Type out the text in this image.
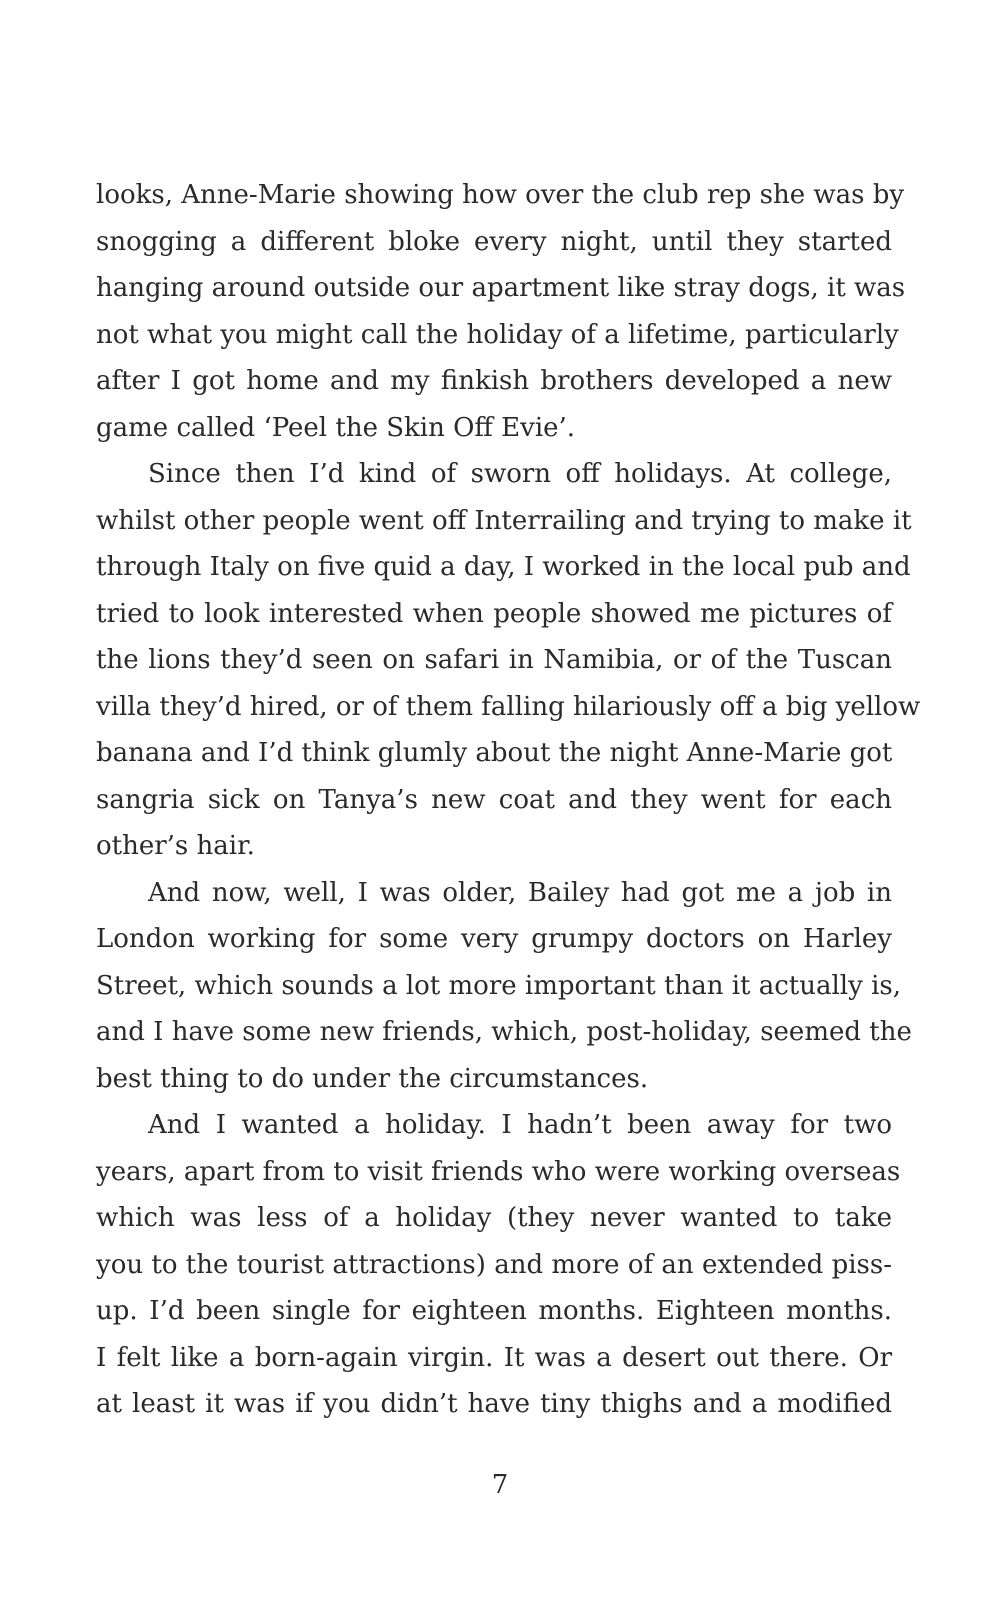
looks, Anne-Marie showing how over the club rep she was by
snogging a different bloke every night, until they started
hanging around outside our apartment like stray dogs, it was
not what you might call the holiday of a lifetime, particularly
after I got home and my finkish brothers developed a new
game called ‘Peel the Skin Off Evie’.
Since then I’d kind of sworn off holidays. At college,
whilst other people went off Interrailing and trying to make it
through Italy on five quid a day, I worked in the local pub and
tried to look interested when people showed me pictures of
the lions they’d seen on safari in Namibia, or of the Tuscan
villa they’d hired, or of them falling hilariously off a big yellow
banana and I’d think glumly about the night Anne-Marie got
sangria sick on Tanya’s new coat and they went for each
other’s hair.
And now, well, I was older, Bailey had got me a job in
London working for some very grumpy doctors on Harley
Street, which sounds a lot more important than it actually is,
and I have some new friends, which, post-holiday, seemed the
best thing to do under the circumstances.
And I wanted a holiday. I hadn’t been away for two
years, apart from to visit friends who were working overseas
which was less of a holiday (they never wanted to take
you to the tourist attractions) and more of an extended piss-
up. I’d been single for eighteen months. Eighteen months.
I felt like a born-again virgin. It was a desert out there. Or
at least it was if you didn’t have tiny thighs and a modified
7
